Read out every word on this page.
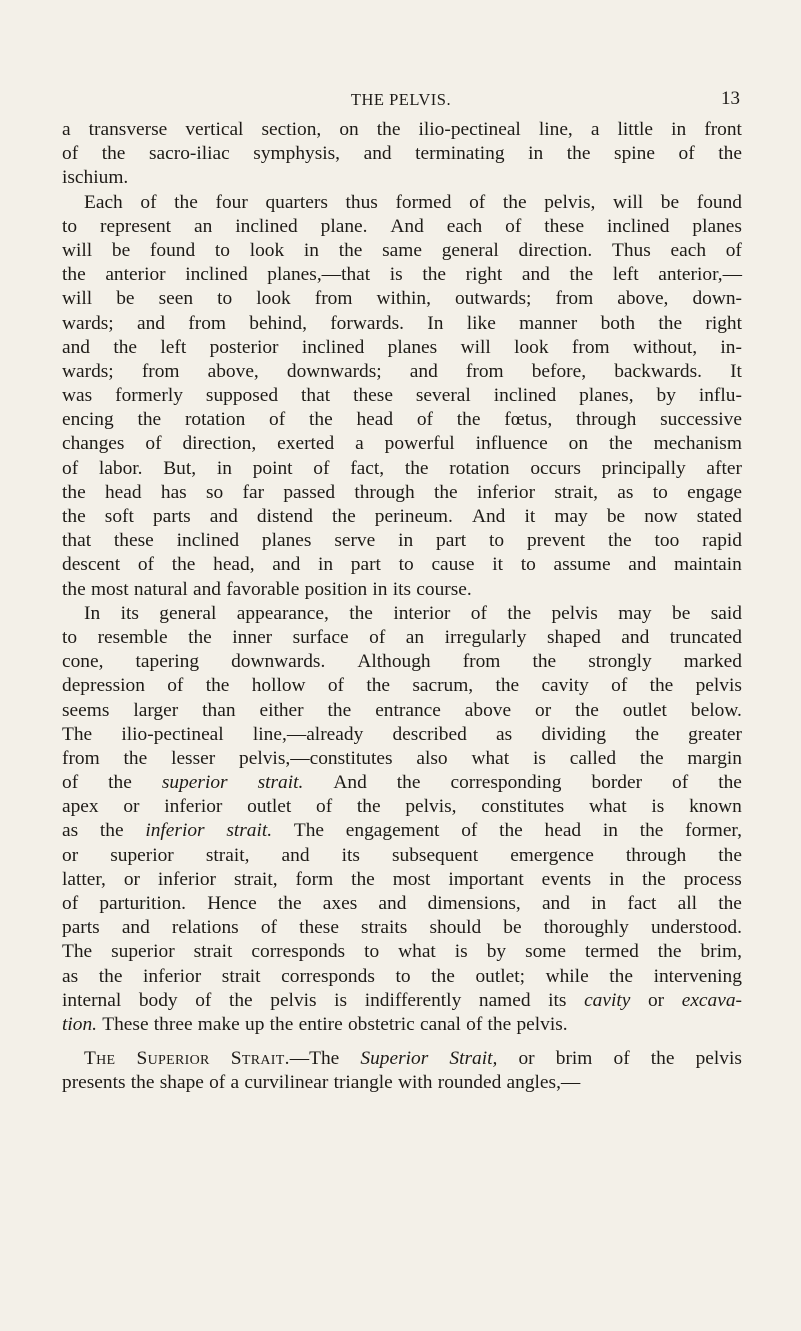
THE PELVIS.	13
a transverse vertical section, on the ilio-pectineal line, a little in front
of the sacro-iliac symphysis, and terminating in the spine of the
ischium.
Each of the four quarters thus formed of the pelvis, will be found
to represent an inclined plane. And each of these inclined planes
will be found to look in the same general direction. Thus each of
the anterior inclined planes,—that is the right and the left anterior,—
will be seen to look from within, outwards; from above, down-
wards; and from behind, forwards. In like manner both the right
and the left posterior inclined planes will look from without, in-
wards; from above, downwards; and from before, backwards. It
was formerly supposed that these several inclined planes, by influ-
encing the rotation of the head of the fœtus, through successive
changes of direction, exerted a powerful influence on the mechanism
of labor. But, in point of fact, the rotation occurs principally after
the head has so far passed through the inferior strait, as to engage
the soft parts and distend the perineum. And it may be now stated
that these inclined planes serve in part to prevent the too rapid
descent of the head, and in part to cause it to assume and maintain
the most natural and favorable position in its course.
In its general appearance, the interior of the pelvis may be said
to resemble the inner surface of an irregularly shaped and truncated
cone, tapering downwards. Although from the strongly marked
depression of the hollow of the sacrum, the cavity of the pelvis
seems larger than either the entrance above or the outlet below.
The ilio-pectineal line,—already described as dividing the greater
from the lesser pelvis,—constitutes also what is called the margin
of the superior strait. And the corresponding border of the
apex or inferior outlet of the pelvis, constitutes what is known
as the inferior strait. The engagement of the head in the former,
or superior strait, and its subsequent emergence through the
latter, or inferior strait, form the most important events in the process
of parturition. Hence the axes and dimensions, and in fact all the
parts and relations of these straits should be thoroughly understood.
The superior strait corresponds to what is by some termed the brim,
as the inferior strait corresponds to the outlet; while the intervening
internal body of the pelvis is indifferently named its cavity or excava-
tion. These three make up the entire obstetric canal of the pelvis.
The Superior Strait.—The Superior Strait, or brim of the pelvis
presents the shape of a curvilinear triangle with rounded angles,—
